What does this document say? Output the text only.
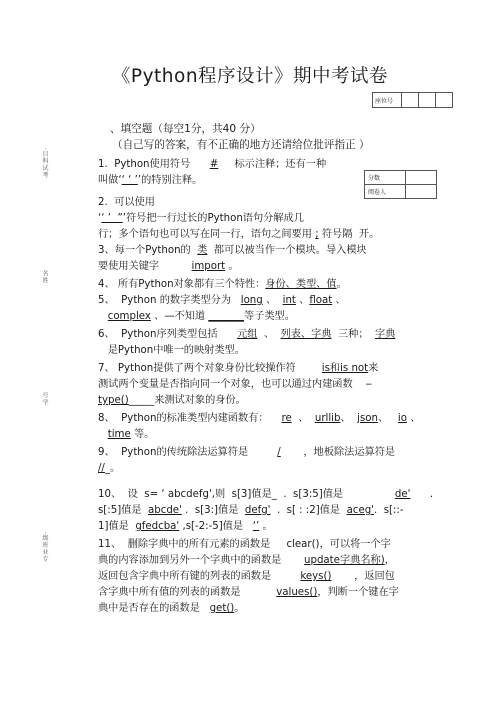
《Python程序设计》期中考试卷
座位号			
分数	
阅卷人	
·目科试考
名姓
号学
·级班业专
、填空题（每空1分，共40 分）
（自己写的答案，有不正确的地方还请给位批评指正 ）
1.  Python使用符号      #     标示注释；还有一种
叫做‘‘ ‘ ’’的特别注释。
2.  可以使用
‘‘ ’  ”’符号把一行过长的Python语句分解成几
行；多个语句也可以写在同一行，语句之间要用 ; 符号隔  开。
3、每一个Python的  类  都可以被当作一个模块。导入模块
要使用关键字          import 。
4、 所有Python对象都有三个特性：身份、类型、值。
5、  Python 的数字类型分为   long 、  int 、float 、
complex 、—不知道 _______等子类型。
6、  Python序列类型包括      元组  、  列表、字典  三种；  字典
是Python中唯一的映射类型。
7、 Python提供了两个对象身份比较操作符        is和is not来
测试两个变量是否指向同一个对象，也可以通过内建函数    ‒
type()_____来测试对象的身份。
8、  Python的标准类型内建函数有：    re  、  urllib、  json、   io 、
time 等。
9、  Python的传统除法运算符是         /       ，地板除法运算符是
//_。
10、  设  s= ‘ abcdefg',则  s[3]值是_  .  s[3:5]值是                de'      .
s[:5]值是  abcde' .  s[3:]值是  defg'  .  s[ : :2]值是  aceg'.  s[::-
1]值是  gfedcba' ,s[-2:-5]值是   ‘’ 。
11、  删除字典中的所有元素的函数是     clear()，可以将一个字
典的内容添加到另外一个字典中的函数是       update字典名称)，
返回包含字典中所有键的列表的函数是         keys()       ，返回包
含字典中所有值的列表的函数是           values()，判断一个键在字
典中是否存在的函数是   get()。
